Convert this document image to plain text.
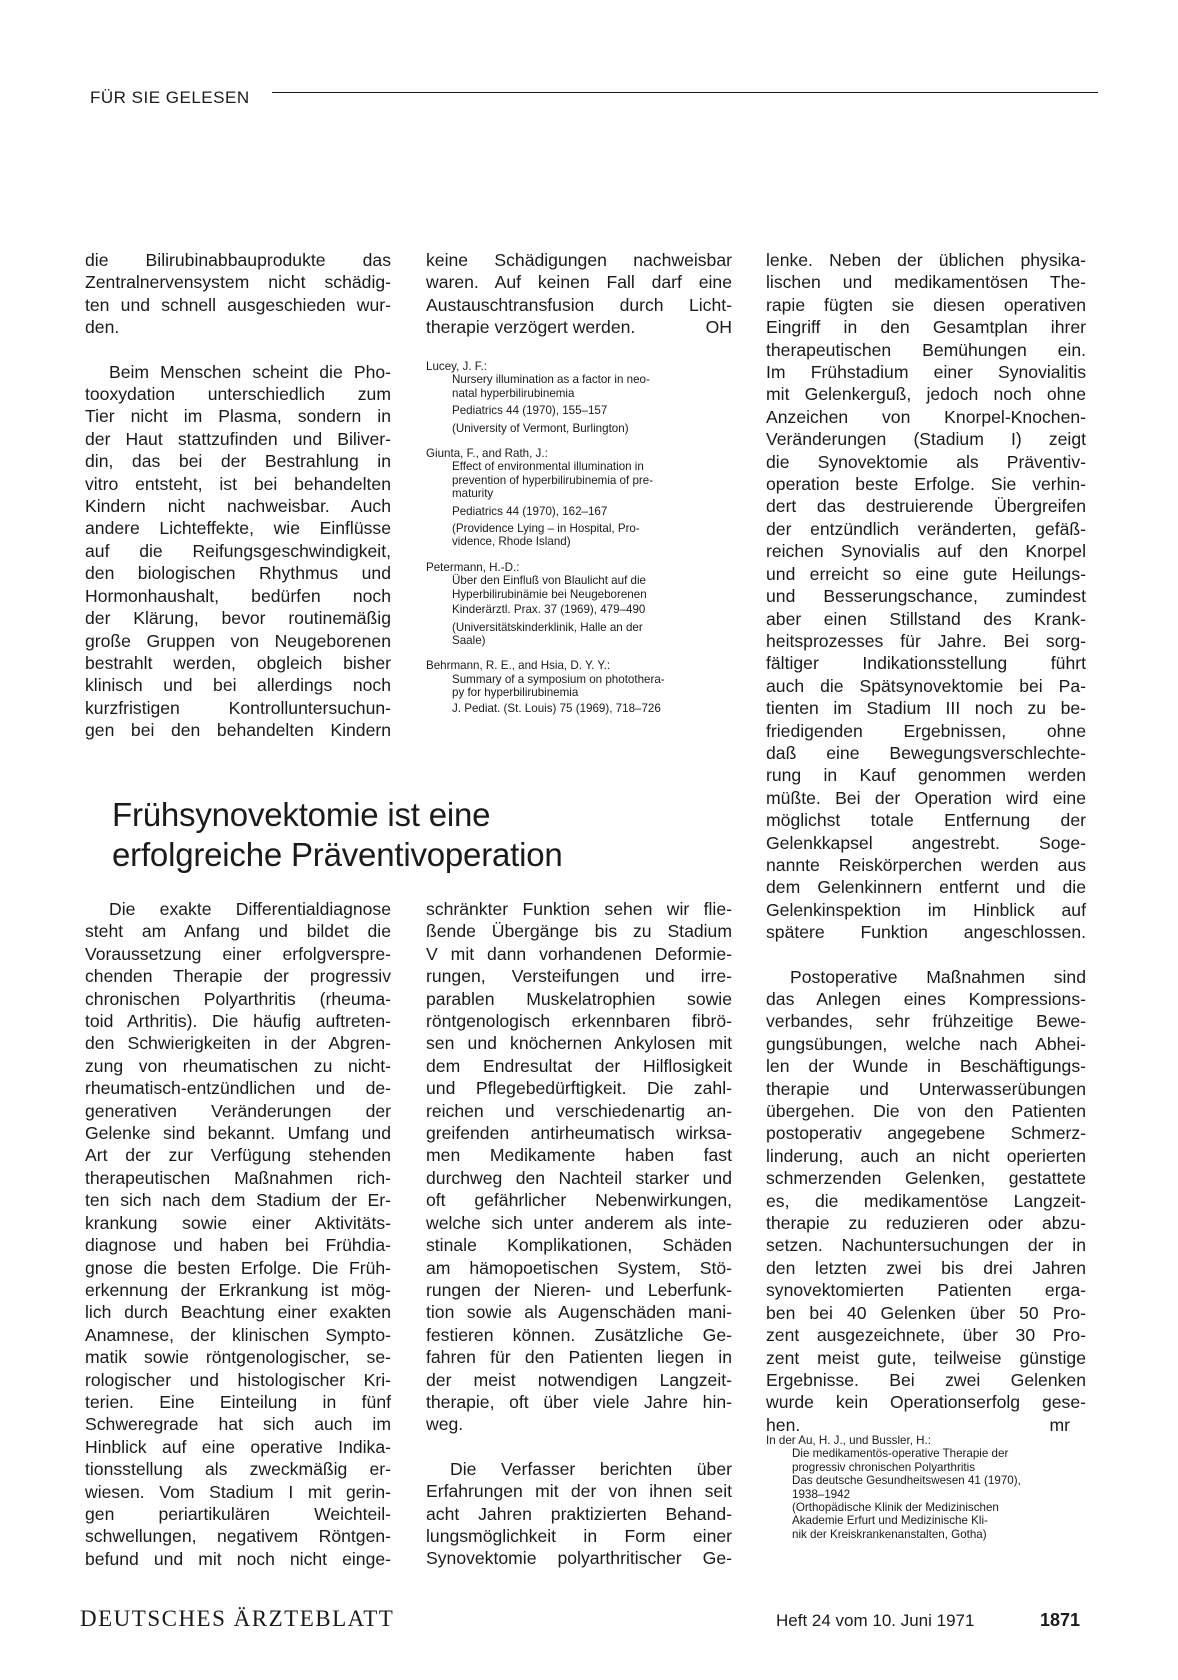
FÜR SIE GELESEN

die Bilirubinabbauprodukte das

Zentralnervensystem nicht schädig-

ten und schnell ausgeschieden wur-

den.

Beim Menschen scheint die Pho-

tooxydation unterschiedlich zum

Tier nicht im Plasma, sondern in

der Haut stattzufinden und Biliver-

din, das bei der Bestrahlung in

vitro entsteht, ist bei behandelten

Kindern nicht nachweisbar. Auch

andere Lichteffekte, wie Einflüsse

auf die Reifungsgeschwindigkeit,

den biologischen Rhythmus und

Hormonhaushalt, bedürfen noch

der Klärung, bevor routinemäßig

große Gruppen von Neugeborenen

bestrahlt werden, obgleich bisher

klinisch und bei allerdings noch

kurzfristigen Kontrolluntersuchun-

gen bei den behandelten Kindern

keine Schädigungen nachweisbar

waren. Auf keinen Fall darf eine

Austauschtransfusion durch Licht-

therapie verzögert werden.	OH

Lucey, J. F.:
Nursery illumination as a factor in neo-
natal hyperbilirubinemia
Pediatrics 44 (1970), 155–157
(University of Vermont, Burlington)
Giunta, F., and Rath, J.:
Effect of environmental illumination in
prevention of hyperbilirubinemia of pre-
maturity
Pediatrics 44 (1970), 162–167
(Providence Lying – in Hospital, Pro-
vidence, Rhode Island)
Petermann, H.-D.:
Über den Einfluß von Blaulicht auf die
Hyperbilirubinämie bei Neugeborenen
Kinderärztl. Prax. 37 (1969), 479–490
(Universitätskinderklinik, Halle an der
Saale)
Behrmann, R. E., and Hsia, D. Y. Y.:
Summary of a symposium on phototherа-
py for hyperbilirubinemia
J. Pediat. (St. Louis) 75 (1969), 718–726
Frühsynovektomie ist eine
erfolgreiche Präventivoperation

Die exakte Differentialdiagnose

steht am Anfang und bildet die

Voraussetzung einer erfolgverspre-

chenden Therapie der progressiv

chronischen Polyarthritis (rheuma-

toid Arthritis). Die häufig auftreten-

den Schwierigkeiten in der Abgren-

zung von rheumatischen zu nicht-

rheumatisch-entzündlichen und de-

generativen Veränderungen der

Gelenke sind bekannt. Umfang und

Art der zur Verfügung stehenden

therapeutischen Maßnahmen rich-

ten sich nach dem Stadium der Er-

krankung sowie einer Aktivitäts-

diagnose und haben bei Frühdia-

gnose die besten Erfolge. Die Früh-

erkennung der Erkrankung ist mög-

lich durch Beachtung einer exakten

Anamnese, der klinischen Sympto-

matik sowie röntgenologischer, se-

rologischer und histologischer Kri-

terien. Eine Einteilung in fünf

Schweregrade hat sich auch im

Hinblick auf eine operative Indika-

tionsstellung als zweckmäßig er-

wiesen. Vom Stadium I mit gerin-

gen periartikulären Weichteil-

schwellungen, negativem Röntgen-

befund und mit noch nicht einge-

schränkter Funktion sehen wir flie-

ßende Übergänge bis zu Stadium

V mit dann vorhandenen Deformie-

rungen, Versteifungen und irre-

parablen Muskelatrophien sowie

röntgenologisch erkennbaren fibrö-

sen und knöchernen Ankylosen mit

dem Endresultat der Hilflosigkeit

und Pflegebedürftigkeit. Die zahl-

reichen und verschiedenartig an-

greifenden antirheumatisch wirksa-

men Medikamente haben fast

durchweg den Nachteil starker und

oft gefährlicher Nebenwirkungen,

welche sich unter anderem als inte-

stinale Komplikationen, Schäden

am hämopoetischen System, Stö-

rungen der Nieren- und Leberfunk-

tion sowie als Augenschäden mani-

festieren können. Zusätzliche Ge-

fahren für den Patienten liegen in

der meist notwendigen Langzeit-

therapie, oft über viele Jahre hin-

weg.

Die Verfasser berichten über

Erfahrungen mit der von ihnen seit

acht Jahren praktizierten Behand-

lungsmöglichkeit in Form einer

Synovektomie polyarthritischer Ge-

lenke. Neben der üblichen physika-

lischen und medikamentösen The-

rapie fügten sie diesen operativen

Eingriff in den Gesamtplan ihrer

therapeutischen Bemühungen ein.

Im Frühstadium einer Synovialitis

mit Gelenkerguß, jedoch noch ohne

Anzeichen von Knorpel-Knochen-

Veränderungen (Stadium I) zeigt

die Synovektomie als Präventiv-

operation beste Erfolge. Sie verhin-

dert das destruierende Übergreifen

der entzündlich veränderten, gefäß-

reichen Synovialis auf den Knorpel

und erreicht so eine gute Heilungs-

und Besserungschance, zumindest

aber einen Stillstand des Krank-

heitsprozesses für Jahre. Bei sorg-

fältiger Indikationsstellung führt

auch die Spätsynovektomie bei Pa-

tienten im Stadium III noch zu be-

friedigenden Ergebnissen, ohne

daß eine Bewegungsverschlechte-

rung in Kauf genommen werden

müßte. Bei der Operation wird eine

möglichst totale Entfernung der

Gelenkkapsel angestrebt. Soge-

nannte Reiskörperchen werden aus

dem Gelenkinnern entfernt und die

Gelenkinspektion im Hinblick auf

spätere Funktion angeschlossen.

Postoperative Maßnahmen sind

das Anlegen eines Kompressions-

verbandes, sehr frühzeitige Bewe-

gungsübungen, welche nach Abhei-

len der Wunde in Beschäftigungs-

therapie und Unterwasserübungen

übergehen. Die von den Patienten

postoperativ angegebene Schmerz-

linderung, auch an nicht operierten

schmerzenden Gelenken, gestattete

es, die medikamentöse Langzeit-

therapie zu reduzieren oder abzu-

setzen. Nachuntersuchungen der in

den letzten zwei bis drei Jahren

synovektomierten Patienten erga-

ben bei 40 Gelenken über 50 Pro-

zent ausgezeichnete, über 30 Pro-

zent meist gute, teilweise günstige

Ergebnisse. Bei zwei Gelenken

wurde kein Operationserfolg gese-

hen.	mr

In der Au, H. J., und Bussler, H.:
Die medikamentös-operative Therapie der
progressiv chronischen Polyarthritis
Das deutsche Gesundheitswesen 41 (1970),
1938–1942
(Orthopädische Klinik der Medizinischen
Akademie Erfurt und Medizinische Kli-
nik der Kreiskrankenanstalten, Gotha)
DEUTSCHES ÄRZTEBLATT	Heft 24 vom 10. Juni 1971	1871
